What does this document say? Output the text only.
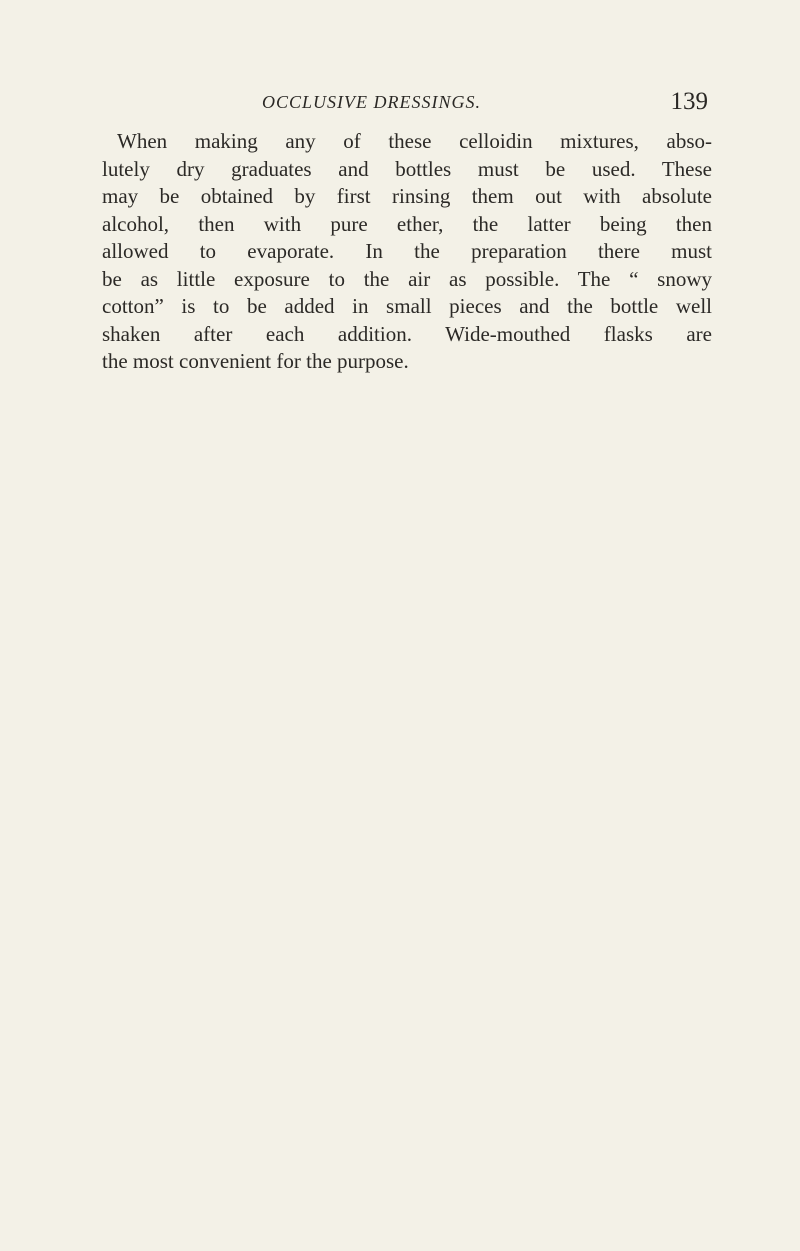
OCCLUSIVE DRESSINGS.	139
When making any of these celloidin mixtures, abso-
lutely dry graduates and bottles must be used. These
may be obtained by first rinsing them out with absolute
alcohol, then with pure ether, the latter being then
allowed to evaporate. In the preparation there must
be as little exposure to the air as possible. The “ snowy
cotton” is to be added in small pieces and the bottle well
shaken after each addition. Wide-mouthed flasks are
the most convenient for the purpose.
